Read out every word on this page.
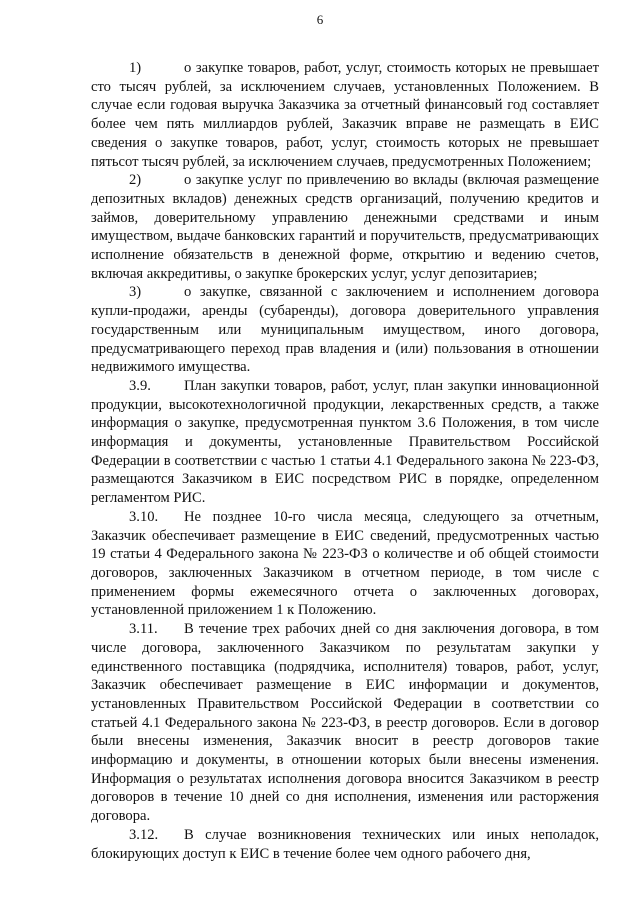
6

1)	о закупке товаров, работ, услуг, стоимость которых не превышает сто тысяч рублей, за исключением случаев, установленных Положением. В случае если годовая выручка Заказчика за отчетный финансовый год составляет более чем пять миллиардов рублей, Заказчик вправе не размещать в ЕИС сведения о закупке товаров, работ, услуг, стоимость которых не превышает пятьсот тысяч рублей, за исключением случаев, предусмотренных Положением;

2)	о закупке услуг по привлечению во вклады (включая размещение депозитных вкладов) денежных средств организаций, получению кредитов и займов, доверительному управлению денежными средствами и иным имуществом, выдаче банковских гарантий и поручительств, предусматривающих исполнение обязательств в денежной форме, открытию и ведению счетов, включая аккредитивы, о закупке брокерских услуг, услуг депозитариев;

3)	о закупке, связанной с заключением и исполнением договора купли-продажи, аренды (субаренды), договора доверительного управления государственным или муниципальным имуществом, иного договора, предусматривающего переход прав владения и (или) пользования в отношении недвижимого имущества.

3.9. План закупки товаров, работ, услуг, план закупки инновационной продукции, высокотехнологичной продукции, лекарственных средств, а также информация о закупке, предусмотренная пунктом 3.6 Положения, в том числе информация и документы, установленные Правительством Российской Федерации в соответствии с частью 1 статьи 4.1 Федерального закона № 223-ФЗ, размещаются Заказчиком в ЕИС посредством РИС в порядке, определенном регламентом РИС.

3.10. Не позднее 10-го числа месяца, следующего за отчетным, Заказчик обеспечивает размещение в ЕИС сведений, предусмотренных частью 19 статьи 4 Федерального закона № 223-ФЗ о количестве и об общей стоимости договоров, заключенных Заказчиком в отчетном периоде, в том числе с применением формы ежемесячного отчета о заключенных договорах, установленной приложением 1 к Положению.

3.11. В течение трех рабочих дней со дня заключения договора, в том числе договора, заключенного Заказчиком по результатам закупки у единственного поставщика (подрядчика, исполнителя) товаров, работ, услуг, Заказчик обеспечивает размещение в ЕИС информации и документов, установленных Правительством Российской Федерации в соответствии со статьей 4.1 Федерального закона № 223-ФЗ, в реестр договоров. Если в договор были внесены изменения, Заказчик вносит в реестр договоров такие информацию и документы, в отношении которых были внесены изменения. Информация о результатах исполнения договора вносится Заказчиком в реестр договоров в течение 10 дней со дня исполнения, изменения или расторжения договора.

3.12. В случае возникновения технических или иных неполадок, блокирующих доступ к ЕИС в течение более чем одного рабочего дня,
